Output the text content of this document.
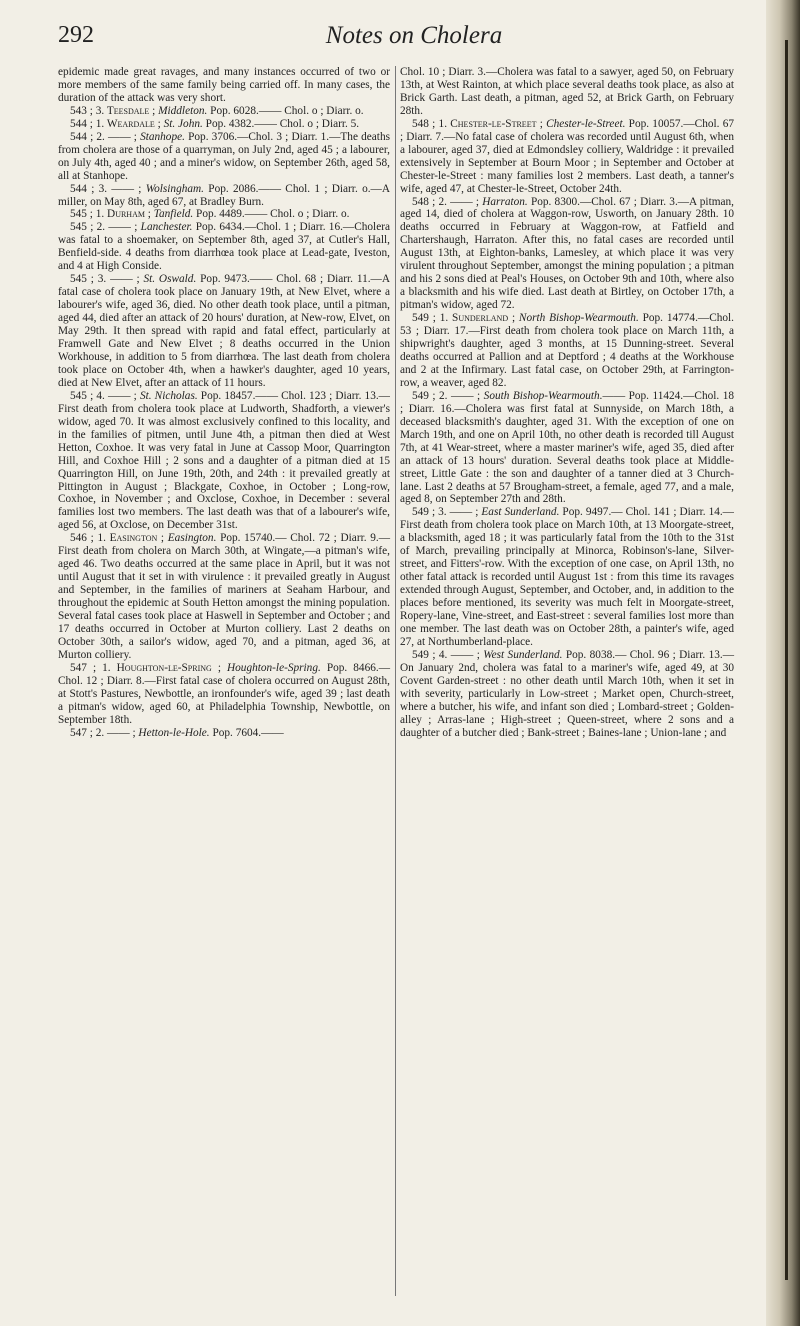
292	Notes on Cholera

epidemic made great ravages, and many instances occurred of two or more members of the same family being carried off. In many cases, the duration of the attack was very short.

543 ; 3. Teesdale ; Middleton. Pop. 6028.—— Chol. o ; Diarr. o.

544 ; 1. Weardale ; St. John. Pop. 4382.—— Chol. o ; Diarr. 5.

544 ; 2. —— ; Stanhope. Pop. 3706.—Chol. 3 ; Diarr. 1.—The deaths from cholera are those of a quarryman, on July 2nd, aged 45 ; a labourer, on July 4th, aged 40 ; and a miner's widow, on September 26th, aged 58, all at Stanhope.

544 ; 3. —— ; Wolsingham. Pop. 2086.—— Chol. 1 ; Diarr. o.—A miller, on May 8th, aged 67, at Bradley Burn.

545 ; 1. Durham ; Tanfield. Pop. 4489.—— Chol. o ; Diarr. o.

545 ; 2. —— ; Lanchester. Pop. 6434.—Chol. 1 ; Diarr. 16.—Cholera was fatal to a shoemaker, on September 8th, aged 37, at Cutler's Hall, Benfield-side. 4 deaths from diarrhœa took place at Lead-gate, Iveston, and 4 at High Conside.

545 ; 3. —— ; St. Oswald. Pop. 9473.—— Chol. 68 ; Diarr. 11.—A fatal case of cholera took place on January 19th, at New Elvet, where a labourer's wife, aged 36, died. No other death took place, until a pitman, aged 44, died after an attack of 20 hours' duration, at New-row, Elvet, on May 29th. It then spread with rapid and fatal effect, particularly at Framwell Gate and New Elvet ; 8 deaths occurred in the Union Workhouse, in addition to 5 from diarrhœa. The last death from cholera took place on October 4th, when a hawker's daughter, aged 10 years, died at New Elvet, after an attack of 11 hours.

545 ; 4. —— ; St. Nicholas. Pop. 18457.—— Chol. 123 ; Diarr. 13.—First death from cholera took place at Ludworth, Shadforth, a viewer's widow, aged 70. It was almost exclusively confined to this locality, and in the families of pitmen, until June 4th, a pitman then died at West Hetton, Coxhoe. It was very fatal in June at Cassop Moor, Quarrington Hill, and Coxhoe Hill ; 2 sons and a daughter of a pitman died at 15 Quarrington Hill, on June 19th, 20th, and 24th : it prevailed greatly at Pittington in August ; Blackgate, Coxhoe, in October ; Long-row, Coxhoe, in November ; and Oxclose, Coxhoe, in December : several families lost two members. The last death was that of a labourer's wife, aged 56, at Oxclose, on December 31st.

546 ; 1. Easington ; Easington. Pop. 15740.— Chol. 72 ; Diarr. 9.—First death from cholera on March 30th, at Wingate,—a pitman's wife, aged 46. Two deaths occurred at the same place in April, but it was not until August that it set in with virulence : it prevailed greatly in August and September, in the families of mariners at Seaham Harbour, and throughout the epidemic at South Hetton amongst the mining population. Several fatal cases took place at Haswell in September and October ; and 17 deaths occurred in October at Murton colliery. Last 2 deaths on October 30th, a sailor's widow, aged 70, and a pitman, aged 36, at Murton colliery.

547 ; 1. Houghton-le-Spring ; Houghton-le-Spring. Pop. 8466.—Chol. 12 ; Diarr. 8.—First fatal case of cholera occurred on August 28th, at Stott's Pastures, Newbottle, an ironfounder's wife, aged 39 ; last death a pitman's widow, aged 60, at Philadelphia Township, Newbottle, on September 18th.

547 ; 2. —— ; Hetton-le-Hole. Pop. 7604.——

Chol. 10 ; Diarr. 3.—Cholera was fatal to a sawyer, aged 50, on February 13th, at West Rainton, at which place several deaths took place, as also at Brick Garth. Last death, a pitman, aged 52, at Brick Garth, on February 28th.

548 ; 1. Chester-le-Street ; Chester-le-Street. Pop. 10057.—Chol. 67 ; Diarr. 7.—No fatal case of cholera was recorded until August 6th, when a labourer, aged 37, died at Edmondsley colliery, Waldridge : it prevailed extensively in September at Bourn Moor ; in September and October at Chester-le-Street : many families lost 2 members. Last death, a tanner's wife, aged 47, at Chester-le-Street, October 24th.

548 ; 2. —— ; Harraton. Pop. 8300.—Chol. 67 ; Diarr. 3.—A pitman, aged 14, died of cholera at Waggon-row, Usworth, on January 28th. 10 deaths occurred in February at Waggon-row, at Fatfield and Chartershaugh, Harraton. After this, no fatal cases are recorded until August 13th, at Eighton-banks, Lamesley, at which place it was very virulent throughout September, amongst the mining population ; a pitman and his 2 sons died at Peal's Houses, on October 9th and 10th, where also a blacksmith and his wife died. Last death at Birtley, on October 17th, a pitman's widow, aged 72.

549 ; 1. Sunderland ; North Bishop-Wearmouth. Pop. 14774.—Chol. 53 ; Diarr. 17.—First death from cholera took place on March 11th, a shipwright's daughter, aged 3 months, at 15 Dunning-street. Several deaths occurred at Pallion and at Deptford ; 4 deaths at the Workhouse and 2 at the Infirmary. Last fatal case, on October 29th, at Farrington-row, a weaver, aged 82.

549 ; 2. —— ; South Bishop-Wearmouth.—— Pop. 11424.—Chol. 18 ; Diarr. 16.—Cholera was first fatal at Sunnyside, on March 18th, a deceased blacksmith's daughter, aged 31. With the exception of one on March 19th, and one on April 10th, no other death is recorded till August 7th, at 41 Wear-street, where a master mariner's wife, aged 35, died after an attack of 13 hours' duration. Several deaths took place at Middle-street, Little Gate : the son and daughter of a tanner died at 3 Church-lane. Last 2 deaths at 57 Brougham-street, a female, aged 77, and a male, aged 8, on September 27th and 28th.

549 ; 3. —— ; East Sunderland. Pop. 9497.— Chol. 141 ; Diarr. 14.—First death from cholera took place on March 10th, at 13 Moorgate-street, a blacksmith, aged 18 ; it was particularly fatal from the 10th to the 31st of March, prevailing principally at Minorca, Robinson's-lane, Silver-street, and Fitters'-row. With the exception of one case, on April 13th, no other fatal attack is recorded until August 1st : from this time its ravages extended through August, September, and October, and, in addition to the places before mentioned, its severity was much felt in Moorgate-street, Ropery-lane, Vine-street, and East-street : several families lost more than one member. The last death was on October 28th, a painter's wife, aged 27, at Northumberland-place.

549 ; 4. —— ; West Sunderland. Pop. 8038.— Chol. 96 ; Diarr. 13.—On January 2nd, cholera was fatal to a mariner's wife, aged 49, at 30 Covent Garden-street : no other death until March 10th, when it set in with severity, particularly in Low-street ; Market open, Church-street, where a butcher, his wife, and infant son died ; Lombard-street ; Golden-alley ; Arras-lane ; High-street ; Queen-street, where 2 sons and a daughter of a butcher died ; Bank-street ; Baines-lane ; Union-lane ; and
